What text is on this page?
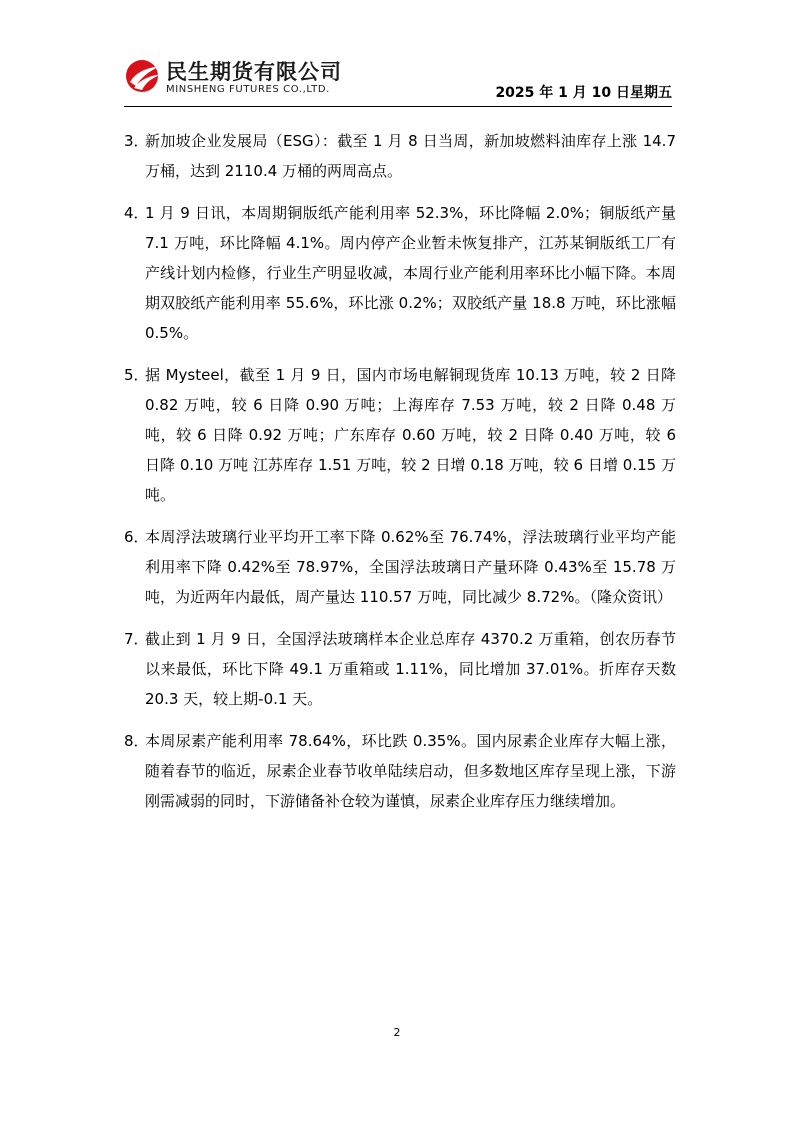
民生期货有限公司
MINSHENG FUTURES CO.,LTD.	2025 年 1 月 10 日星期五
3．
新加坡企业发展局（ESG）：截至 1 月 8 日当周，新加坡燃料油库存上涨 14.7 万桶，达到 2110.4 万桶的两周高点。
4．
1 月 9 日讯，本周期铜版纸产能利用率 52.3%，环比降幅 2.0%；铜版纸产量 7.1 万吨，环比降幅 4.1%。周内停产企业暂未恢复排产，江苏某铜版纸工厂有产线计划内检修，行业生产明显收减，本周行业产能利用率环比小幅下降。本周期双胶纸产能利用率 55.6%，环比涨 0.2%；双胶纸产量 18.8 万吨，环比涨幅 0.5%。
5．
据 Mysteel，截至 1 月 9 日，国内市场电解铜现货库 10.13 万吨，较 2 日降 0.82 万吨，较 6 日降 0.90 万吨；上海库存 7.53 万吨，较 2 日降 0.48 万吨，较 6 日降 0.92 万吨；广东库存 0.60 万吨，较 2 日降 0.40 万吨，较 6 日降 0.10 万吨 江苏库存 1.51 万吨，较 2 日增 0.18 万吨，较 6 日增 0.15 万吨。
6．
本周浮法玻璃行业平均开工率下降 0.62%至 76.74%，浮法玻璃行业平均产能利用率下降 0.42%至 78.97%，全国浮法玻璃日产量环降 0.43%至 15.78 万吨，为近两年内最低，周产量达 110.57 万吨，同比减少 8.72%。（隆众资讯）
7．
截止到 1 月 9 日，全国浮法玻璃样本企业总库存 4370.2 万重箱，创农历春节以来最低，环比下降 49.1 万重箱或 1.11%，同比增加 37.01%。折库存天数 20.3 天，较上期-0.1 天。
8．
本周尿素产能利用率 78.64%，环比跌 0.35%。国内尿素企业库存大幅上涨，随着春节的临近，尿素企业春节收单陆续启动，但多数地区库存呈现上涨，下游刚需减弱的同时，下游储备补仓较为谨慎，尿素企业库存压力继续增加。
2
